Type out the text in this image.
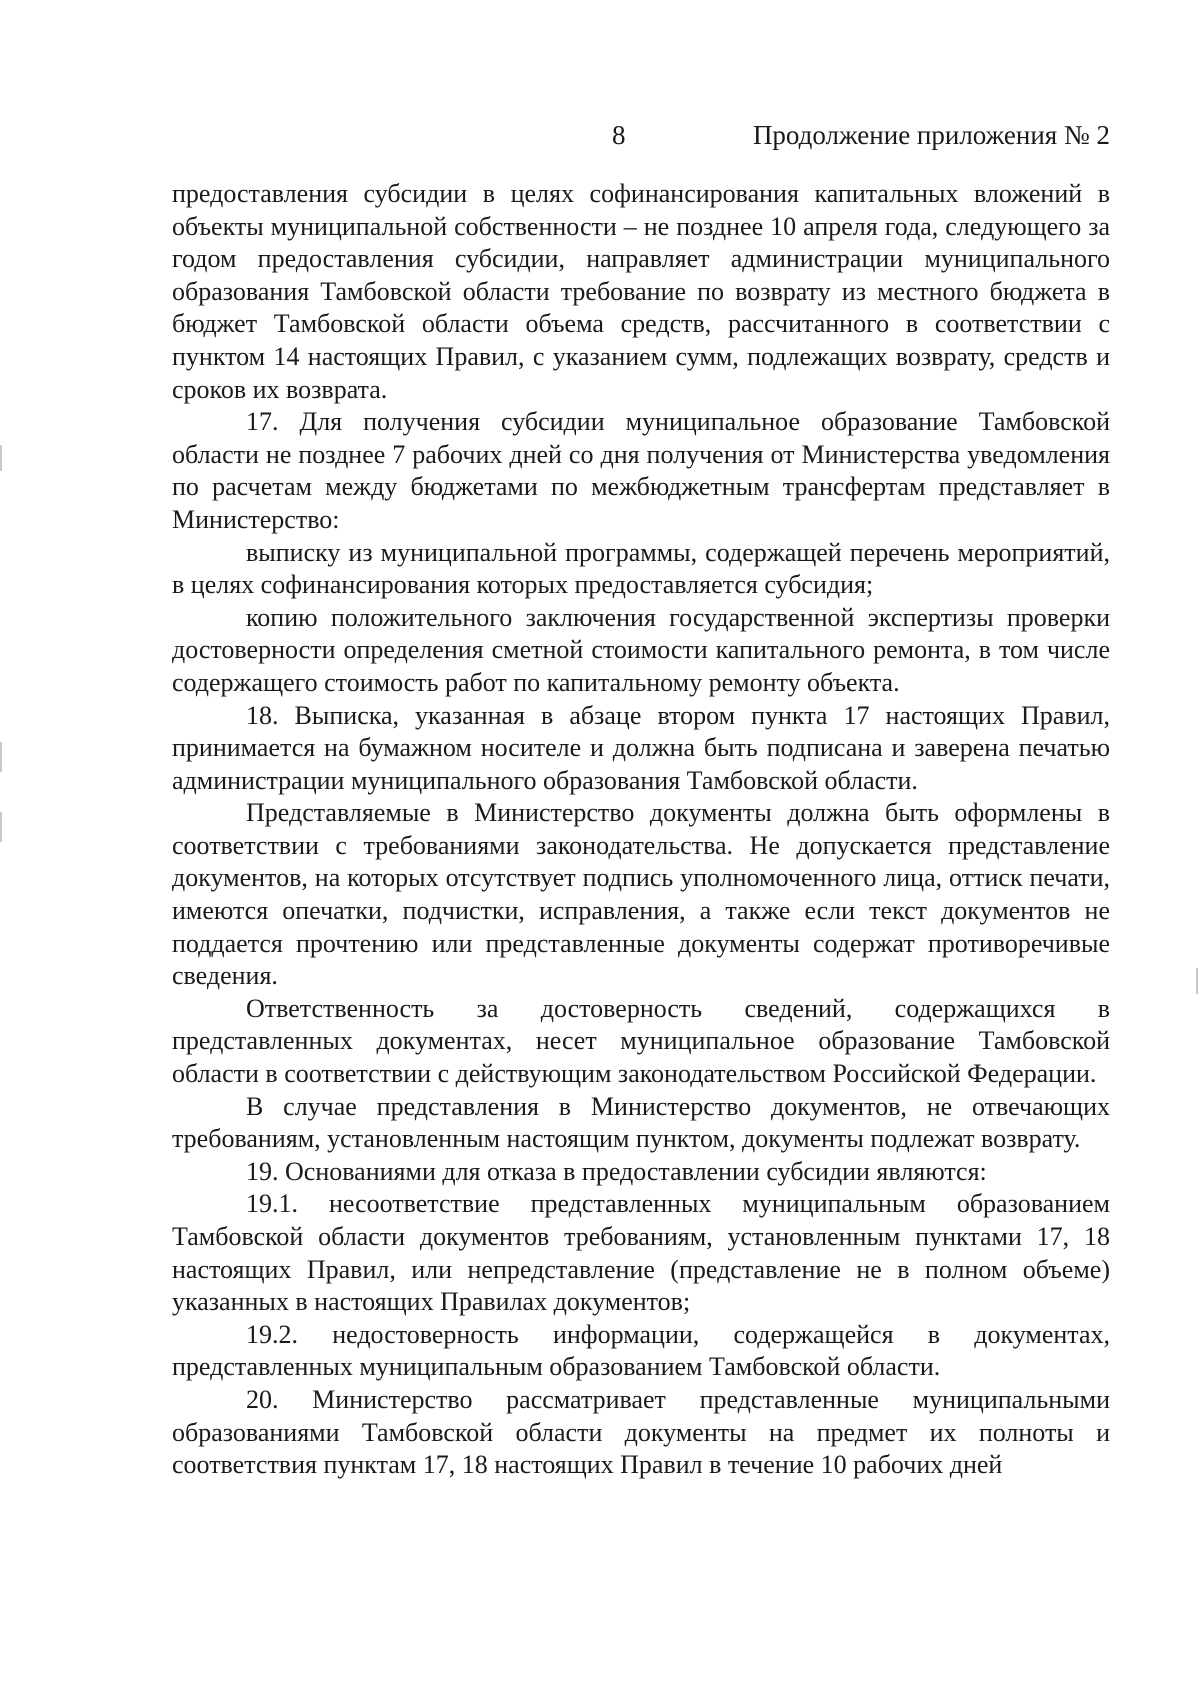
8	Продолжение приложения № 2

предоставления субсидии в целях софинансирования капитальных вложений в объекты муниципальной собственности – не позднее 10 апреля года, следующего за годом предоставления субсидии, направляет администрации муниципального образования Тамбовской области требование по возврату из местного бюджета в бюджет Тамбовской области объема средств, рассчитанного в соответствии с пунктом 14 настоящих Правил, с указанием сумм, подлежащих возврату, средств и сроков их возврата.

17. Для получения субсидии муниципальное образование Тамбовской области не позднее 7 рабочих дней со дня получения от Министерства уведомления по расчетам между бюджетами по межбюджетным трансфертам представляет в Министерство:

выписку из муниципальной программы, содержащей перечень мероприятий, в целях софинансирования которых предоставляется субсидия;

копию положительного заключения государственной экспертизы проверки достоверности определения сметной стоимости капитального ремонта, в том числе содержащего стоимость работ по капитальному ремонту объекта.

18. Выписка, указанная в абзаце втором пункта 17 настоящих Правил, принимается на бумажном носителе и должна быть подписана и заверена печатью администрации муниципального образования Тамбовской области.

Представляемые в Министерство документы должна быть оформлены в соответствии с требованиями законодательства. Не допускается представление документов, на которых отсутствует подпись уполномоченного лица, оттиск печати, имеются опечатки, подчистки, исправления, а также если текст документов не поддается прочтению или представленные документы содержат противоречивые сведения.

Ответственность за достоверность сведений, содержащихся в представленных документах, несет муниципальное образование Тамбовской области в соответствии с действующим законодательством Российской Федерации.

В случае представления в Министерство документов, не отвечающих требованиям, установленным настоящим пунктом, документы подлежат возврату.

19. Основаниями для отказа в предоставлении субсидии являются:

19.1. несоответствие представленных муниципальным образованием Тамбовской области документов требованиям, установленным пунктами 17, 18 настоящих Правил, или непредставление (представление не в полном объеме) указанных в настоящих Правилах документов;

19.2. недостоверность информации, содержащейся в документах, представленных муниципальным образованием Тамбовской области.

20. Министерство рассматривает представленные муниципальными образованиями Тамбовской области документы на предмет их полноты и соответствия пунктам 17, 18 настоящих Правил в течение 10 рабочих дней
